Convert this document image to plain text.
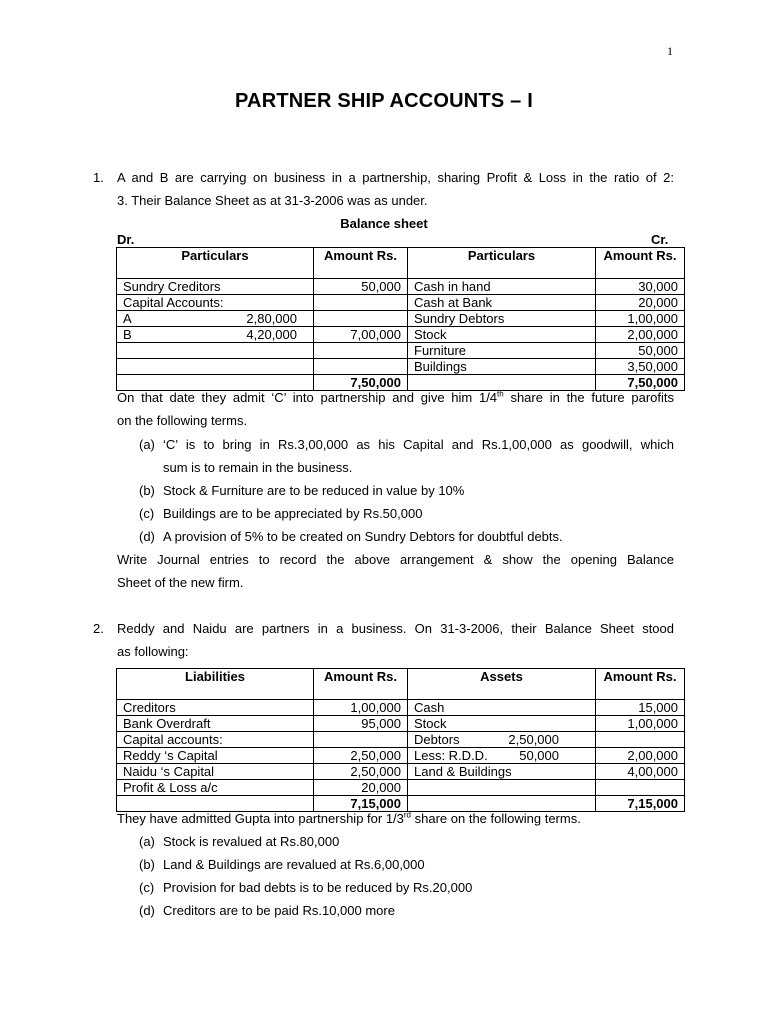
1
PARTNER SHIP ACCOUNTS – I
1. A and B are carrying on business in a partnership, sharing Profit & Loss in the ratio of 2:
3. Their Balance Sheet as at 31-3-2006 was as under.
Balance sheet
Dr.	Cr.
Particulars	Amount Rs.	Particulars	Amount Rs.

Sundry Creditors	50,000	Cash in hand	30,000

Capital Accounts:		Cash at Bank	20,000

A 2,80,000		Sundry Debtors	1,00,000

B 4,20,000	7,00,000	Stock	2,00,000

		Furniture	50,000

		Buildings	3,50,000
	7,50,000		7,50,000
On that date they admit ‘C’ into partnership and give him 1/4th share in the future parofits
on the following terms.
(a) ‘C’ is to bring in Rs.3,00,000 as his Capital and Rs.1,00,000 as goodwill, which
sum is to remain in the business.
(b) Stock & Furniture are to be reduced in value by 10%
(c) Buildings are to be appreciated by Rs.50,000
(d) A provision of 5% to be created on Sundry Debtors for doubtful debts.
Write Journal entries to record the above arrangement & show the opening Balance
Sheet of the new firm.
2. Reddy and Naidu are partners in a business. On 31-3-2006, their Balance Sheet stood
as following:
Liabilities	Amount Rs.	Assets	Amount Rs.
Creditors	1,00,000	Cash	15,000
Bank Overdraft	95,000	Stock	1,00,000
Capital accounts:		Debtors 2,50,000	

Reddy ‘s Capital	2,50,000	Less: R.D.D. 50,000	2,00,000
Naidu ‘s Capital	2,50,000	Land & Buildings	4,00,000
Profit & Loss a/c	20,000	

	7,15,000		7,15,000
They have admitted Gupta into partnership for 1/3rd share on the following terms.
(a) Stock is revalued at Rs.80,000
(b) Land & Buildings are revalued at Rs.6,00,000
(c) Provision for bad debts is to be reduced by Rs.20,000
(d) Creditors are to be paid Rs.10,000 more
